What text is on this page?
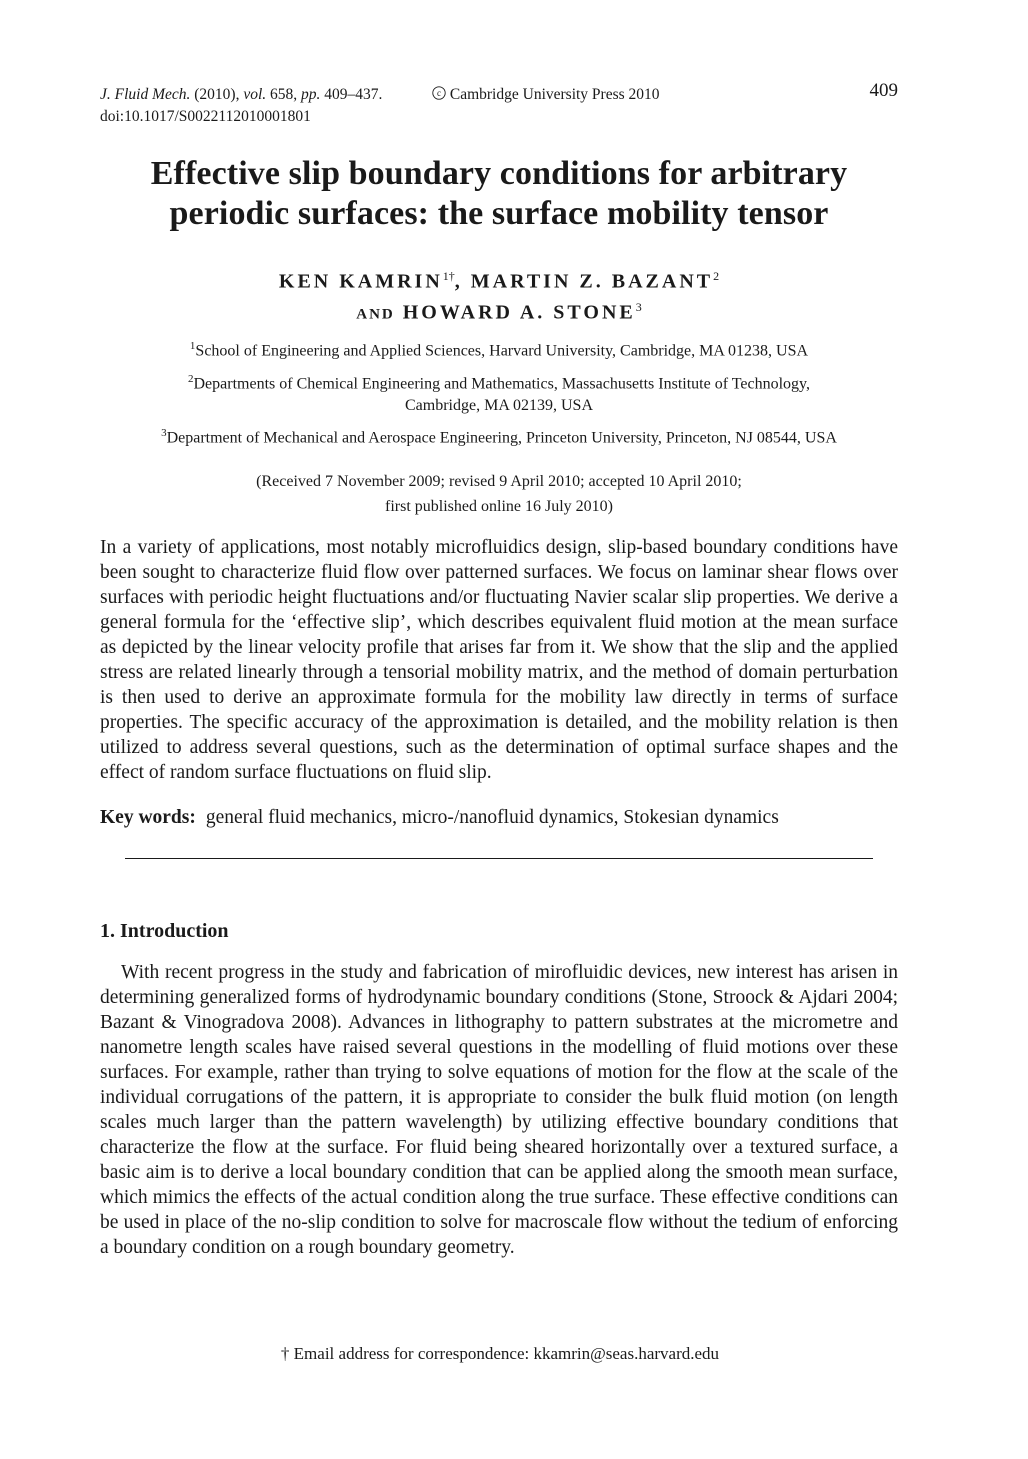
J. Fluid Mech. (2010), vol. 658, pp. 409–437.	c Cambridge University Press 2010	409
doi:10.1017/S0022112010001801
Effective slip boundary conditions for arbitrary
periodic surfaces: the surface mobility tensor
KEN $KAMRIN^{1\dagger}$, MARTIN Z. BAZANT$^2$
AND HOWARD A. STONE$^3$

$^1$School of Engineering and Applied Sciences, Harvard University, Cambridge, MA 01238, USA

$^2$Departments of Chemical Engineering and Mathematics, Massachusetts Institute of Technology,
Cambridge, MA 02139, USA

$^3$Department of Mechanical and Aerospace Engineering, Princeton University, Princeton, NJ 08544, USA

(Received 7 November 2009; revised 9 April 2010; accepted 10 April 2010;
first published online 16 July 2010)

In a variety of applications, most notably microfluidics design, slip-based boundary conditions have been sought to characterize fluid flow over patterned surfaces. We focus on laminar shear flows over surfaces with periodic height fluctuations and/or fluctuating Navier scalar slip properties. We derive a general formula for the ‘effective slip’, which describes equivalent fluid motion at the mean surface as depicted by the linear velocity profile that arises far from it. We show that the slip and the applied stress are related linearly through a tensorial mobility matrix, and the method of domain perturbation is then used to derive an approximate formula for the mobility law directly in terms of surface properties. The specific accuracy of the approximation is detailed, and the mobility relation is then utilized to address several questions, such as the determination of optimal surface shapes and the effect of random surface fluctuations on fluid slip.

Key words: general fluid mechanics, micro-/nanofluid dynamics, Stokesian dynamics
1. Introduction

With recent progress in the study and fabrication of mirofluidic devices, new interest has arisen in determining generalized forms of hydrodynamic boundary conditions (Stone, Stroock & Ajdari 2004; Bazant & Vinogradova 2008). Advances in lithography to pattern substrates at the micrometre and nanometre length scales have raised several questions in the modelling of fluid motions over these surfaces. For example, rather than trying to solve equations of motion for the flow at the scale of the individual corrugations of the pattern, it is appropriate to consider the bulk fluid motion (on length scales much larger than the pattern wavelength) by utilizing effective boundary conditions that characterize the flow at the surface. For fluid being sheared horizontally over a textured surface, a basic aim is to derive a local boundary condition that can be applied along the smooth mean surface, which mimics the effects of the actual condition along the true surface. These effective conditions can be used in place of the no-slip condition to solve for macroscale flow without the tedium of enforcing a boundary condition on a rough boundary geometry.

† Email address for correspondence: kkamrin@seas.harvard.edu
